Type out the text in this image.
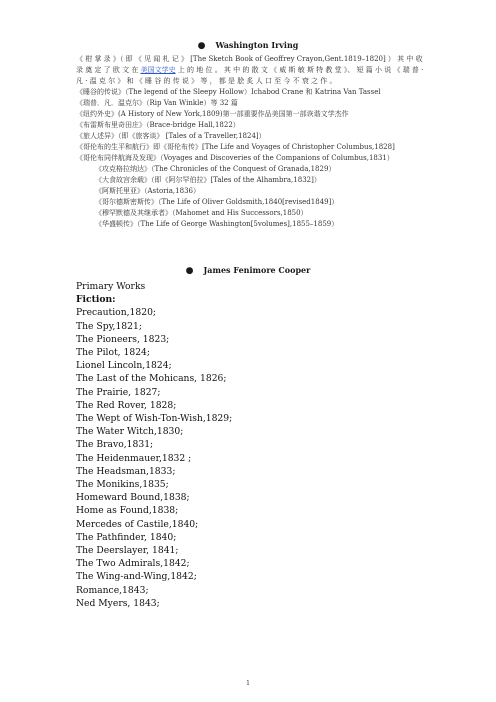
● Washington Irving
《 柑 掌 录 》（ 即 《 见 闻 札 记 》 [The Sketch Book of Geoffrey Crayon,Gent.1819–1820] ） 其 中 收 录 奠 定 了 欧 文 在 美国文学史 上 的 地 位 。 其 中 的 散 文 《 威 斯 敏 斯 特 教 堂 》、 短 篇 小 说 《 瑞 普 · 凡 · 温 克 尔 》 和 《 睡 谷 的 传 说 》 等 ， 都 是 脍 炙 人 口 至 今 不 衰 之 作 。
《睡谷的传说》（The legend of the Sleepy Hollow）Ichabod Crane 和 Katrina Van Tassel
《瑞普．凡．温克尔》（Rip Van Winkle）等 32 篇
《纽约外史》(A History of New York,1809)第一部重要作品美国第一部诙谐文学杰作
《布雷斯布里奇田庄》（Brace-bridge Hall,1822）
《旅人述异》（即《旅客谈》 [Tales of a Traveller,1824]）
《哥伦布的生平和航行》即《哥伦布传》[The Life and Voyages of Christopher Columbus,1828]
《哥伦布同伴航海及发现》（Voyages and Discoveries of the Companions of Columbus,1831）
《攻克格拉纳达》（The Chronicles of the Conquest of Granada,1829）
《大食故宫余载》（即《阿尔罕伯拉》[Tales of the Alhambra,1832]）
《阿斯托里亚》（Astoria,1836）
《哥尔德斯密斯传》（The Life of Oliver Goldsmith,1840[revised1849]）
《穆罕默德及其继承者》（Mahomet and His Successors,1850）
《华盛顿传》（The Life of George Washington[5volumes],1855–1859）
● James Fenimore Cooper
Primary Works
Fiction:
Precaution,1820;
The Spy,1821;
The Pioneers, 1823;
The Pilot, 1824;
Lionel Lincoln,1824;
The Last of the Mohicans, 1826;
The Prairie, 1827;
The Red Rover, 1828;
The Wept of Wish-Ton-Wish,1829;
The Water Witch,1830;
The Bravo,1831;
The Heidenmauer,1832 ;
The Headsman,1833;
The Monikins,1835;
Homeward Bound,1838;
Home as Found,1838;
Mercedes of Castile,1840;
The Pathfinder, 1840;
The Deerslayer, 1841;
The Two Admirals,1842;
The Wing-and-Wing,1842;
Romance,1843;
Ned Myers, 1843;
1
